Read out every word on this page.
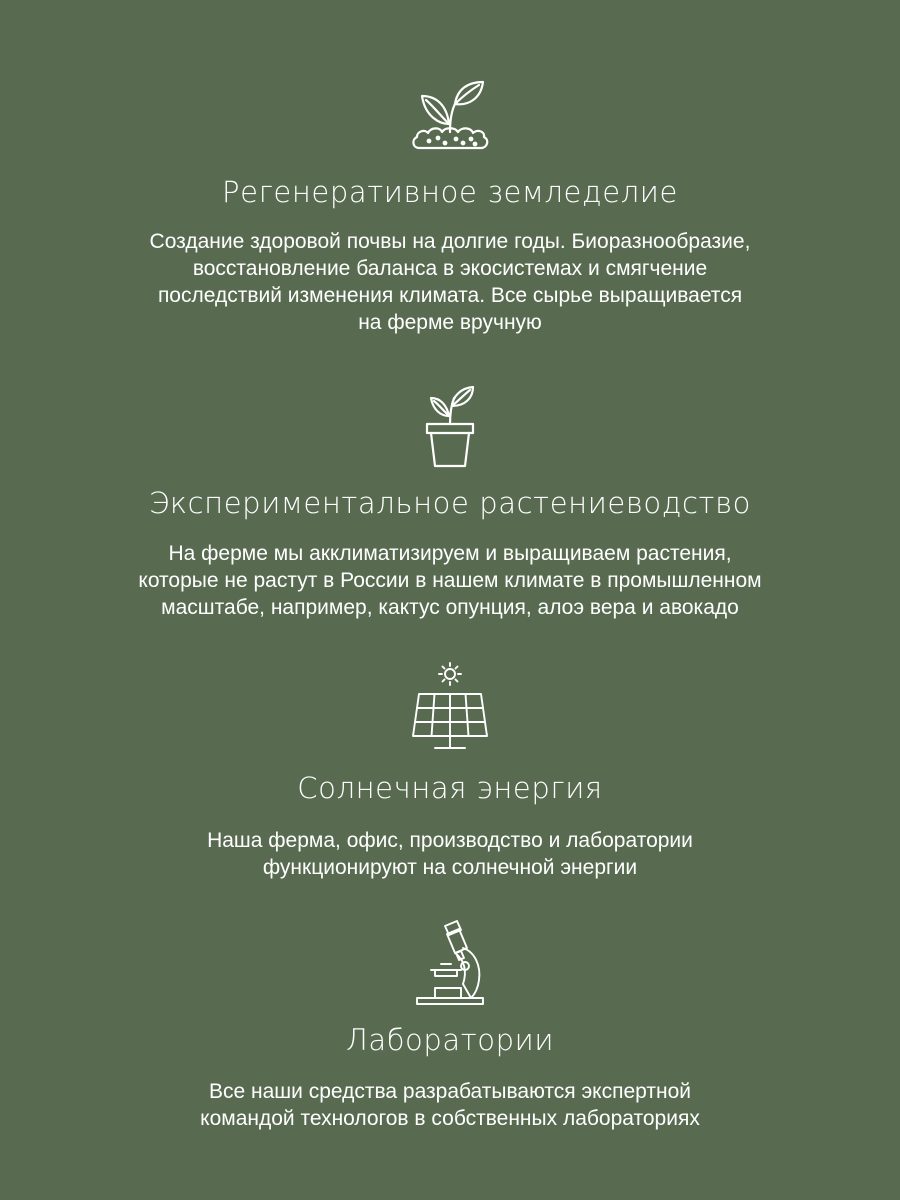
Регенеративное земледелие
Создание здоровой почвы на долгие годы. Биоразнообразие,
восстановление баланса в экосистемах и смягчение
последствий изменения климата. Все сырье выращивается
на ферме вручную
Экспериментальное растениеводство
На ферме мы акклиматизируем и выращиваем растения,
которые не растут в России в нашем климате в промышленном
масштабе, например, кактус опунция, алоэ вера и авокадо
Солнечная энергия
Наша ферма, офис, производство и лаборатории
функционируют на солнечной энергии
Лаборатории
Все наши средства разрабатываются экспертной
командой технологов в собственных лабораториях
